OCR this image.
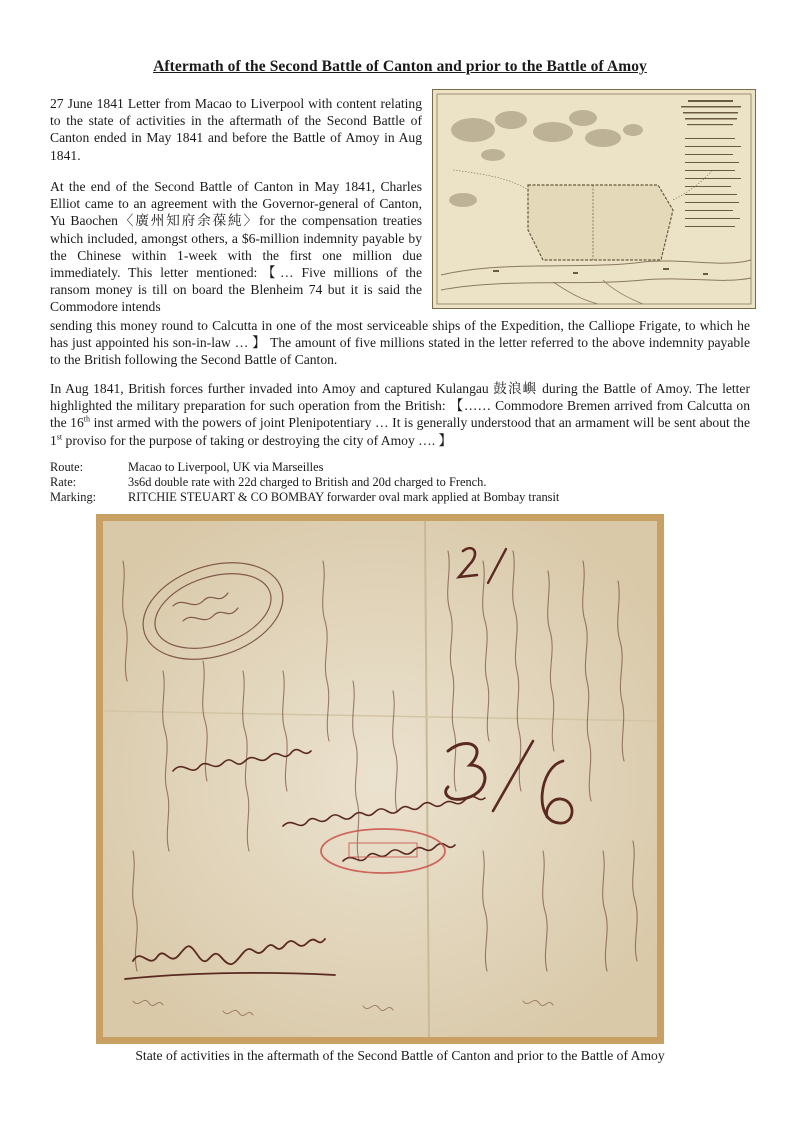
Aftermath of the Second Battle of Canton and prior to the Battle of Amoy
27 June 1841 Letter from Macao to Liverpool with content relating to the state of activities in the aftermath of the Second Battle of Canton ended in May 1841 and before the Battle of Amoy in Aug 1841.
At the end of the Second Battle of Canton in May 1841, Charles Elliot came to an agreement with the Governor-general of Canton, Yu Baochen〈廣州知府余葆純〉for the compensation treaties which included, amongst others, a $6-million indemnity payable by the Chinese within 1-week with the first one million due immediately. This letter mentioned:【… Five millions of the ransom money is till on board the Blenheim 74 but it is said the Commodore intends
sending this money round to Calcutta in one of the most serviceable ships of the Expedition, the Calliope Frigate, to which he has just appointed his son-in-law … 】 The amount of five millions stated in the letter referred to the above indemnity payable to the British following the Second Battle of Canton.
In Aug 1841, British forces further invaded into Amoy and captured Kulangau 鼓浪嶼 during the Battle of Amoy. The letter highlighted the military preparation for such operation from the British: 【…… Commodore Bremen arrived from Calcutta on the 16th inst armed with the powers of joint Plenipotentiary … It is generally understood that an armament will be sent about the 1st proviso for the purpose of taking or destroying the city of Amoy …. 】
Route:	Macao to Liverpool, UK via Marseilles
Rate:	3s6d double rate with 22d charged to British and 20d charged to French.
Marking:	RITCHIE STEUART & CO BOMBAY forwarder oval mark applied at Bombay transit
State of activities in the aftermath of the Second Battle of Canton and prior to the Battle of Amoy
